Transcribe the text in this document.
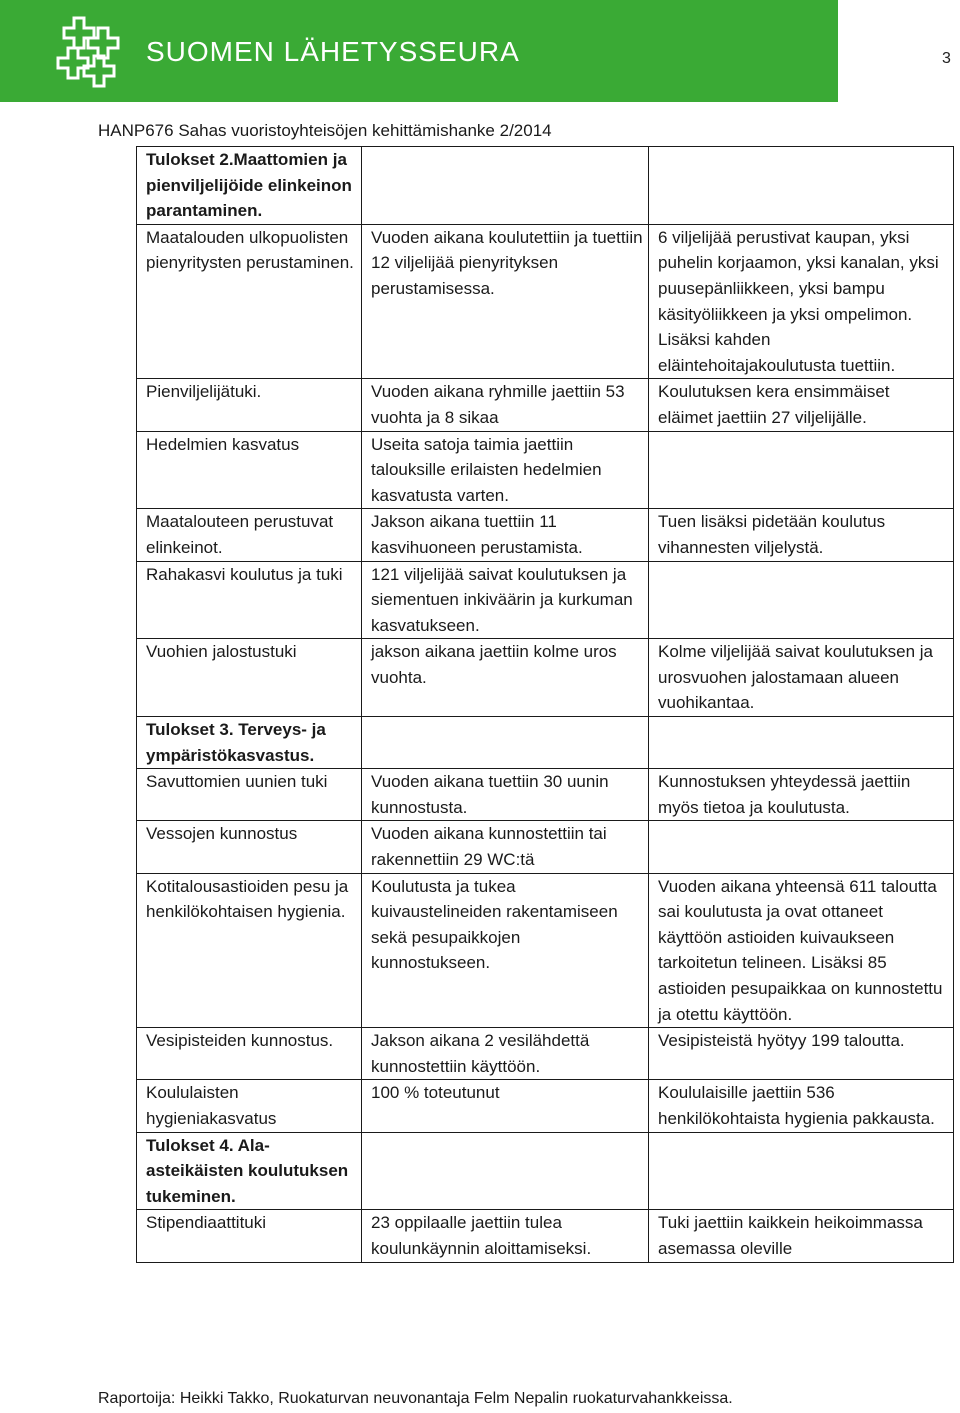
SUOMEN LÄHETYSSEURA	3
HANP676 Sahas vuoristoyhteisöjen kehittämishanke 2/2014
Tulokset 2.Maattomien ja pienviljelijöide elinkeinon parantaminen.		
Maatalouden ulkopuolisten pienyritysten perustaminen.	Vuoden aikana koulutettiin ja tuettiin 12 viljelijää pienyrityksen perustamisessa.	6 viljelijää perustivat kaupan, yksi puhelin korjaamon, yksi kanalan, yksi puusepänliikkeen, yksi bampu käsityöliikkeen ja yksi ompelimon. Lisäksi kahden eläintehoitajakoulutusta tuettiin.
Pienviljelijätuki.	Vuoden aikana ryhmille jaettiin 53 vuohta ja 8 sikaa	Koulutuksen kera ensimmäiset eläimet jaettiin 27 viljelijälle.
Hedelmien kasvatus	Useita satoja taimia jaettiin talouksille erilaisten hedelmien kasvatusta varten.	
Maatalouteen perustuvat elinkeinot.	Jakson aikana tuettiin 11 kasvihuoneen perustamista.	Tuen lisäksi pidetään koulutus vihannesten viljelystä.
Rahakasvi koulutus ja tuki	121 viljelijää saivat koulutuksen ja siementuen inkiväärin ja kurkuman kasvatukseen.	
Vuohien jalostustuki	jakson aikana jaettiin kolme uros vuohta.	Kolme viljelijää saivat koulutuksen ja urosvuohen jalostamaan alueen vuohikantaa.
Tulokset 3. Terveys- ja ympäristökasvastus.		
Savuttomien uunien tuki	Vuoden aikana tuettiin 30 uunin kunnostusta.	Kunnostuksen yhteydessä jaettiin myös tietoa ja koulutusta.
Vessojen kunnostus	Vuoden aikana kunnostettiin tai rakennettiin 29 WC:tä	
Kotitalousastioiden pesu ja henkilökohtaisen hygienia.	Koulutusta ja tukea kuivaustelineiden rakentamiseen sekä pesupaikkojen kunnostukseen.	Vuoden aikana yhteensä 611 taloutta sai koulutusta ja ovat ottaneet käyttöön astioiden kuivaukseen tarkoitetun telineen. Lisäksi 85 astioiden pesupaikkaa on kunnostettu ja otettu käyttöön.
Vesipisteiden kunnostus.	Jakson aikana 2 vesilähdettä kunnostettiin käyttöön.	Vesipisteistä hyötyy 199 taloutta.
Koululaisten hygieniakasvatus	100 % toteutunut	Koululaisille jaettiin 536 henkilökohtaista hygienia pakkausta.
Tulokset 4. Ala-asteikäisten koulutuksen tukeminen.		
Stipendiaattituki	23 oppilaalle jaettiin tulea koulunkäynnin aloittamiseksi.	Tuki jaettiin kaikkein heikoimmassa asemassa oleville
Raportoija: Heikki Takko, Ruokaturvan neuvonantaja Felm Nepalin ruokaturvahankkeissa.
